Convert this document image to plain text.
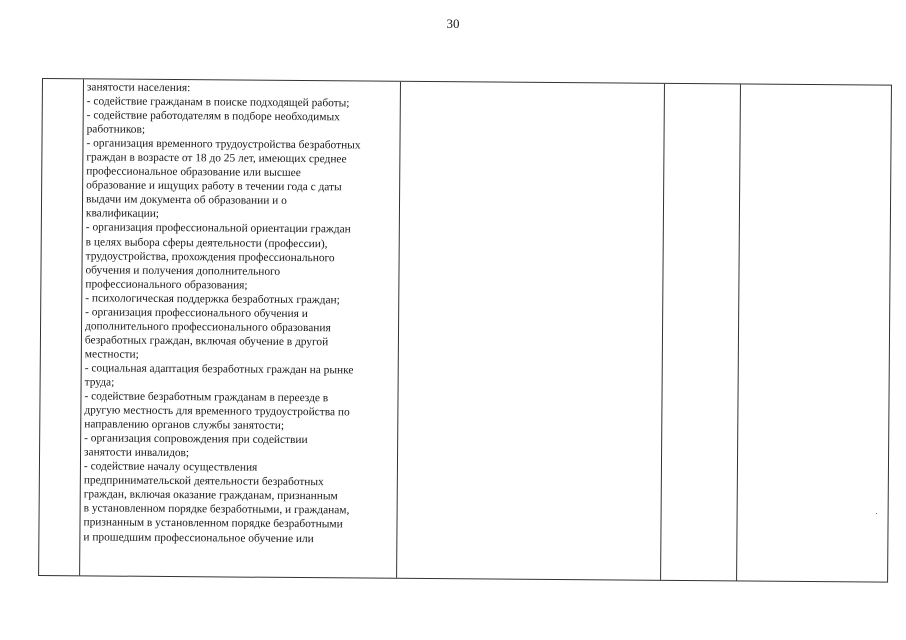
30
занятости населения:
- содействие гражданам в поиске подходящей работы;
- содействие работодателям в подборе необходимых
работников;
- организация временного трудоустройства безработных
граждан в возрасте от 18 до 25 лет, имеющих среднее
профессиональное образование или высшее
образование и ищущих работу в течении года с даты
выдачи им документа об образовании и о
квалификации;
- организация профессиональной ориентации граждан
в целях выбора сферы деятельности (профессии),
трудоустройства, прохождения профессионального
обучения и получения дополнительного
профессионального образования;
- психологическая поддержка безработных граждан;
- организация профессионального обучения и
дополнительного профессионального образования
безработных граждан, включая обучение в другой
местности;
- социальная адаптация безработных граждан на рынке
труда;
- содействие безработным гражданам в переезде в
другую местность для временного трудоустройства по
направлению органов службы занятости;
- организация сопровождения при содействии
занятости инвалидов;
- содействие началу осуществления
предпринимательской деятельности безработных
граждан, включая оказание гражданам, признанным
в установленном порядке безработными, и гражданам,
признанным в установленном порядке безработными
и прошедшим профессиональное обучение или
